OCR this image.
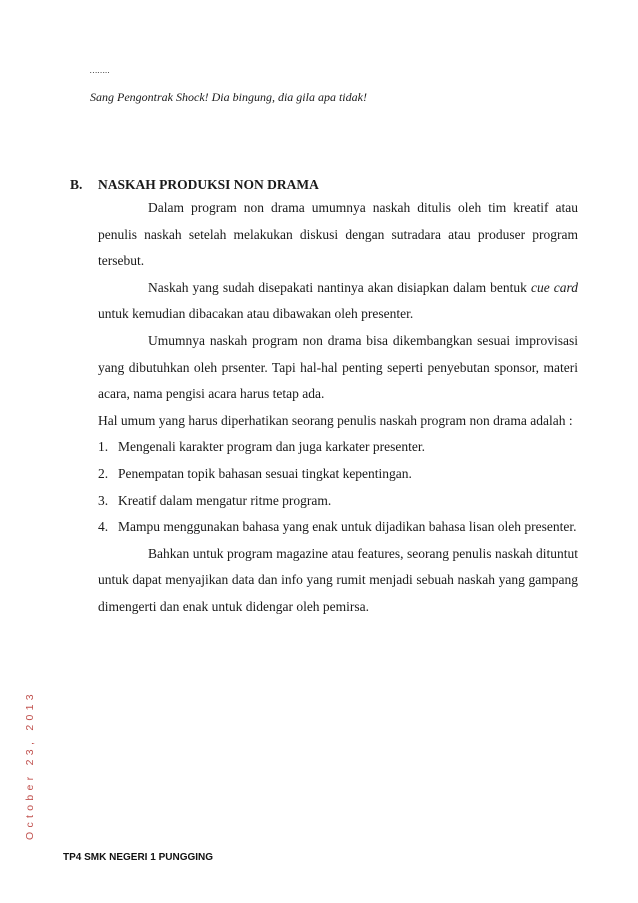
……..
Sang Pengontrak Shock! Dia bingung, dia gila apa tidak!
B. NASKAH PRODUKSI NON DRAMA

Dalam program non drama umumnya naskah ditulis oleh tim kreatif atau penulis naskah setelah melakukan diskusi dengan sutradara atau produser program tersebut.

Naskah yang sudah disepakati nantinya akan disiapkan dalam bentuk cue card untuk kemudian dibacakan atau dibawakan oleh presenter.

Umumnya naskah program non drama bisa dikembangkan sesuai improvisasi yang dibutuhkan oleh prsenter. Tapi hal-hal penting seperti penyebutan sponsor, materi acara, nama pengisi acara harus tetap ada.

Hal umum yang harus diperhatikan seorang penulis naskah program non drama adalah :

1. Mengenali karakter program dan juga karkater presenter.
2. Penempatan topik bahasan sesuai tingkat kepentingan.
3. Kreatif dalam mengatur ritme program.
4. Mampu menggunakan bahasa yang enak untuk dijadikan bahasa lisan oleh presenter.

Bahkan untuk program magazine atau features, seorang penulis naskah dituntut untuk dapat menyajikan data dan info yang rumit menjadi sebuah naskah yang gampang dimengerti dan enak untuk didengar oleh pemirsa.

October 23, 2013
TP4 SMK NEGERI 1 PUNGGING
